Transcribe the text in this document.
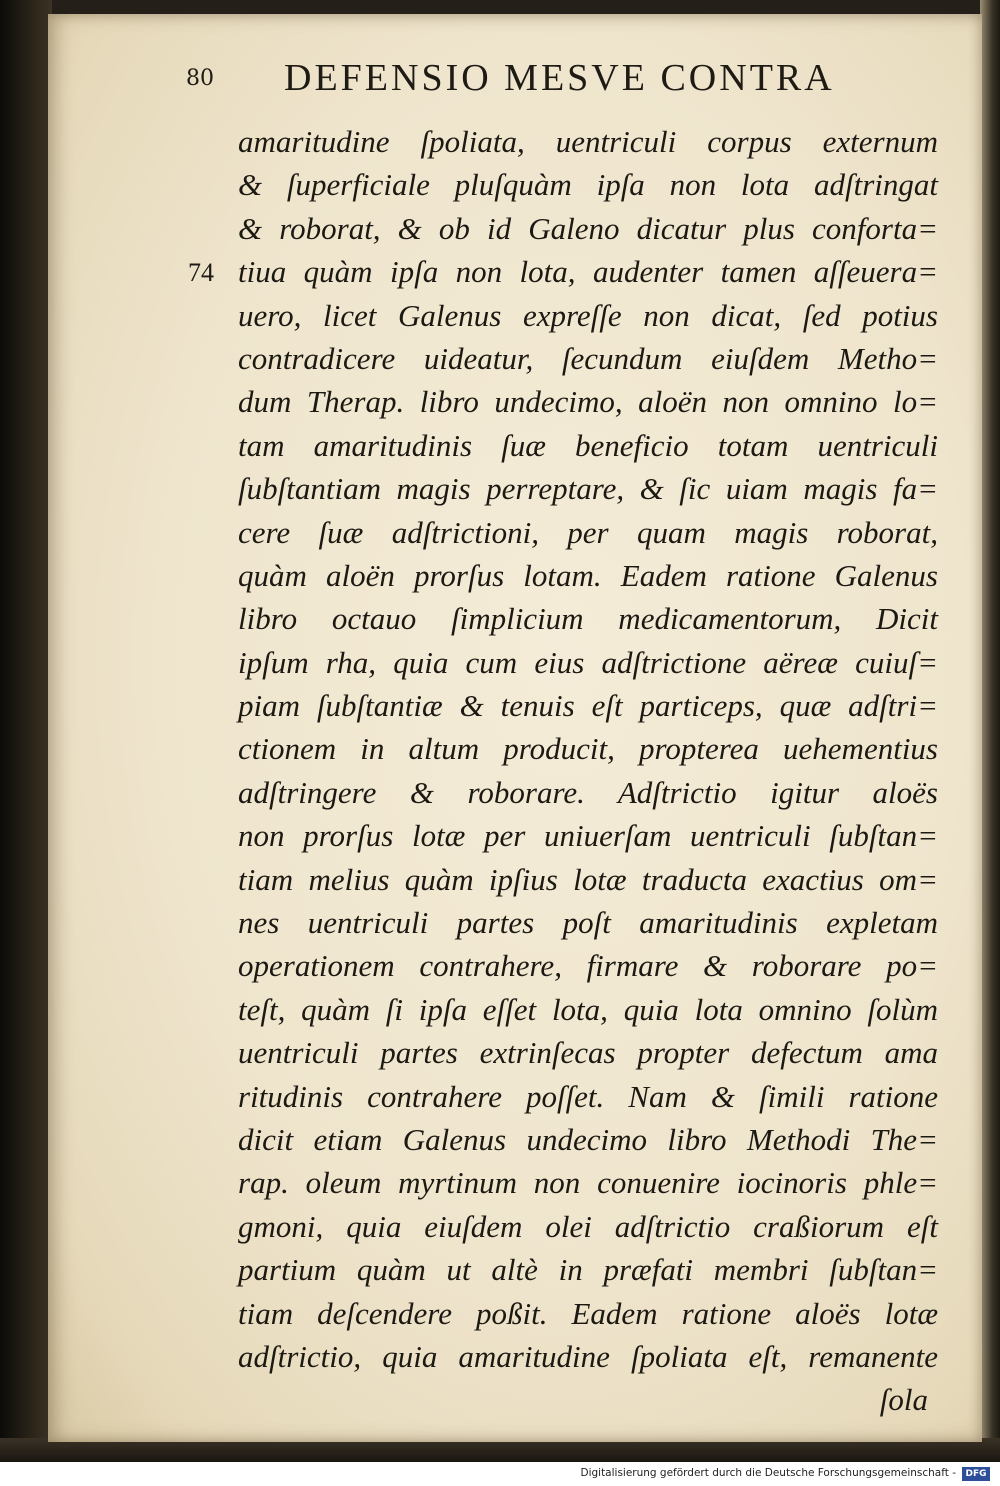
80 DEFENSIO MESVE CONTRA
74
amaritudine ſpoliata, uentriculi corpus externum
& ſuperficiale pluſquàm ipſa non lota adſtringat
& roborat, & ob id Galeno dicatur plus conforta=
tiua quàm ipſa non lota, audenter tamen aſſeuera=
uero, licet Galenus expreſſe non dicat, ſed potius
contradicere uideatur, ſecundum eiuſdem Metho=
dum Therap. libro undecimo, aloën non omnino lo=
tam amaritudinis ſuæ beneficio totam uentriculi
ſubſtantiam magis perreptare, & ſic uiam magis fa=
cere ſuæ adſtrictioni, per quam magis roborat,
quàm aloën prorſus lotam. Eadem ratione Galenus
libro octauo ſimplicium medicamentorum, Dicit
ipſum rha, quia cum eius adſtrictione aëreæ cuiuſ=
piam ſubſtantiæ & tenuis eſt particeps, quæ adſtri=
ctionem in altum producit, propterea uehementius
adſtringere & roborare. Adſtrictio igitur aloës
non prorſus lotæ per uniuerſam uentriculi ſubſtan=
tiam melius quàm ipſius lotæ traducta exactius om=
nes uentriculi partes poſt amaritudinis expletam
operationem contrahere, firmare & roborare po=
teſt, quàm ſi ipſa eſſet lota, quia lota omnino ſolùm
uentriculi partes extrinſecas propter defectum ama
ritudinis contrahere poſſet. Nam & ſimili ratione
dicit etiam Galenus undecimo libro Methodi The=
rap. oleum myrtinum non conuenire iocinoris phle=
gmoni, quia eiuſdem olei adſtrictio craßiorum eſt
partium quàm ut altè in præfati membri ſubſtan=
tiam deſcendere poßit. Eadem ratione aloës lotæ
adſtrictio, quia amaritudine ſpoliata eſt, remanente
ſola
Digitalisierung gefördert durch die Deutsche Forschungsgemeinschaft -	DFG
